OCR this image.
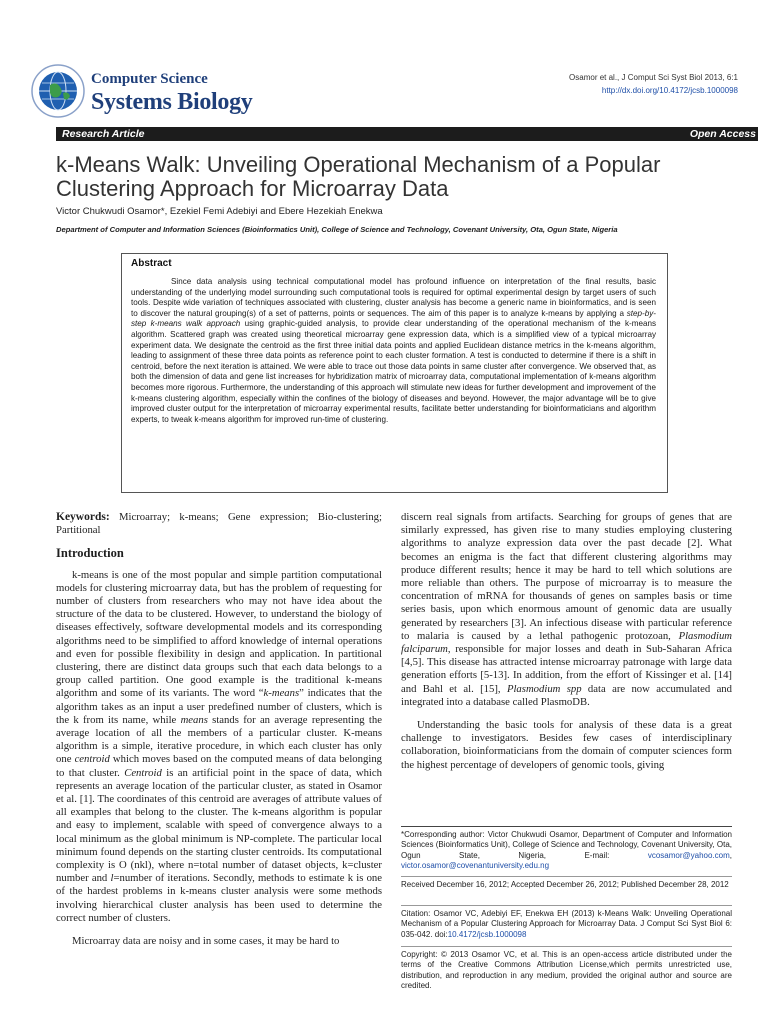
Computer Science
Systems Biology
Osamor et al., J Comput Sci Syst Biol 2013, 6:1
http://dx.doi.org/10.4172/jcsb.1000098
Research Article	Open Access
k-Means Walk: Unveiling Operational Mechanism of a Popular Clustering Approach for Microarray Data
Victor Chukwudi Osamor*, Ezekiel Femi Adebiyi and Ebere Hezekiah Enekwa
Department of Computer and Information Sciences (Bioinformatics Unit), College of Science and Technology, Covenant University, Ota, Ogun State, Nigeria
Abstract
Since data analysis using technical computational model has profound influence on interpretation of the final results, basic understanding of the underlying model surrounding such computational tools is required for optimal experimental design by target users of such tools. Despite wide variation of techniques associated with clustering, cluster analysis has become a generic name in bioinformatics, and is seen to discover the natural grouping(s) of a set of patterns, points or sequences. The aim of this paper is to analyze k-means by applying a step-by-step k-means walk approach using graphic-guided analysis, to provide clear understanding of the operational mechanism of the k-means algorithm. Scattered graph was created using theoretical microarray gene expression data, which is a simplified view of a typical microarray experiment data. We designate the centroid as the first three initial data points and applied Euclidean distance metrics in the k-means algorithm, leading to assignment of these three data points as reference point to each cluster formation. A test is conducted to determine if there is a shift in centroid, before the next iteration is attained. We were able to trace out those data points in same cluster after convergence. We observed that, as both the dimension of data and gene list increases for hybridization matrix of microarray data, computational implementation of k-means algorithm becomes more rigorous. Furthermore, the understanding of this approach will stimulate new ideas for further development and improvement of the k-means clustering algorithm, especially within the confines of the biology of diseases and beyond. However, the major advantage will be to give improved cluster output for the interpretation of microarray experimental results, facilitate better understanding for bioinformaticians and algorithm experts, to tweak k-means algorithm for improved run-time of clustering.

Keywords: Microarray; k-means; Gene expression; Bio-clustering; Partitional

Introduction

k-means is one of the most popular and simple partition computational models for clustering microarray data, but has the problem of requesting for number of clusters from researchers who may not have idea about the structure of the data to be clustered. However, to understand the biology of diseases effectively, software developmental models and its corresponding algorithms need to be simplified to afford knowledge of internal operations and even for possible flexibility in design and application. In partitional clustering, there are distinct data groups such that each data belongs to a group called partition. One good example is the traditional k-means algorithm and some of its variants. The word “k-means” indicates that the algorithm takes as an input a user predefined number of clusters, which is the k from its name, while means stands for an average representing the average location of all the members of a particular cluster. K-means algorithm is a simple, iterative procedure, in which each cluster has only one centroid which moves based on the computed means of data belonging to that cluster. Centroid is an artificial point in the space of data, which represents an average location of the particular cluster, as stated in Osamor et al. [1]. The coordinates of this centroid are averages of attribute values of all examples that belong to the cluster. The k-means algorithm is popular and easy to implement, scalable with speed of convergence always to a local minimum as the global minimum is NP-complete. The particular local minimum found depends on the starting cluster centroids. Its computational complexity is O (nkl), where n=total number of dataset objects, k=cluster number and l=number of iterations. Secondly, methods to estimate k is one of the hardest problems in k-means cluster analysis were some methods involving hierarchical cluster analysis has been used to determine the correct number of clusters.

Microarray data are noisy and in some cases, it may be hard to

discern real signals from artifacts. Searching for groups of genes that are similarly expressed, has given rise to many studies employing clustering algorithms to analyze expression data over the past decade [2]. What becomes an enigma is the fact that different clustering algorithms may produce different results; hence it may be hard to tell which solutions are more reliable than others. The purpose of microarray is to measure the concentration of mRNA for thousands of genes on samples basis or time series basis, upon which enormous amount of genomic data are usually generated by researchers [3]. An infectious disease with particular reference to malaria is caused by a lethal pathogenic protozoan, Plasmodium falciparum, responsible for major losses and death in Sub-Saharan Africa [4,5]. This disease has attracted intense microarray patronage with large data generation efforts [5-13]. In addition, from the effort of Kissinger et al. [14] and Bahl et al. [15], Plasmodium spp data are now accumulated and integrated into a database called PlasmoDB.

Understanding the basic tools for analysis of these data is a great challenge to investigators. Besides few cases of interdisciplinary collaboration, bioinformaticians from the domain of computer sciences form the highest percentage of developers of genomic tools, giving

*Corresponding author: Victor Chukwudi Osamor, Department of Computer and Information Sciences (Bioinformatics Unit), College of Science and Technology, Covenant University, Ota, Ogun State, Nigeria, E-mail: vcosamor@yahoo.com, victor.osamor@covenantuniversity.edu.ng
Received December 16, 2012; Accepted December 26, 2012; Published December 28, 2012
Citation: Osamor VC, Adebiyi EF, Enekwa EH (2013) k-Means Walk: Unveiling Operational Mechanism of a Popular Clustering Approach for Microarray Data. J Comput Sci Syst Biol 6: 035-042. doi:10.4172/jcsb.1000098
Copyright: © 2013 Osamor VC, et al. This is an open-access article distributed under the terms of the Creative Commons Attribution License,which permits unrestricted use, distribution, and reproduction in any medium, provided the original author and source are credited.
